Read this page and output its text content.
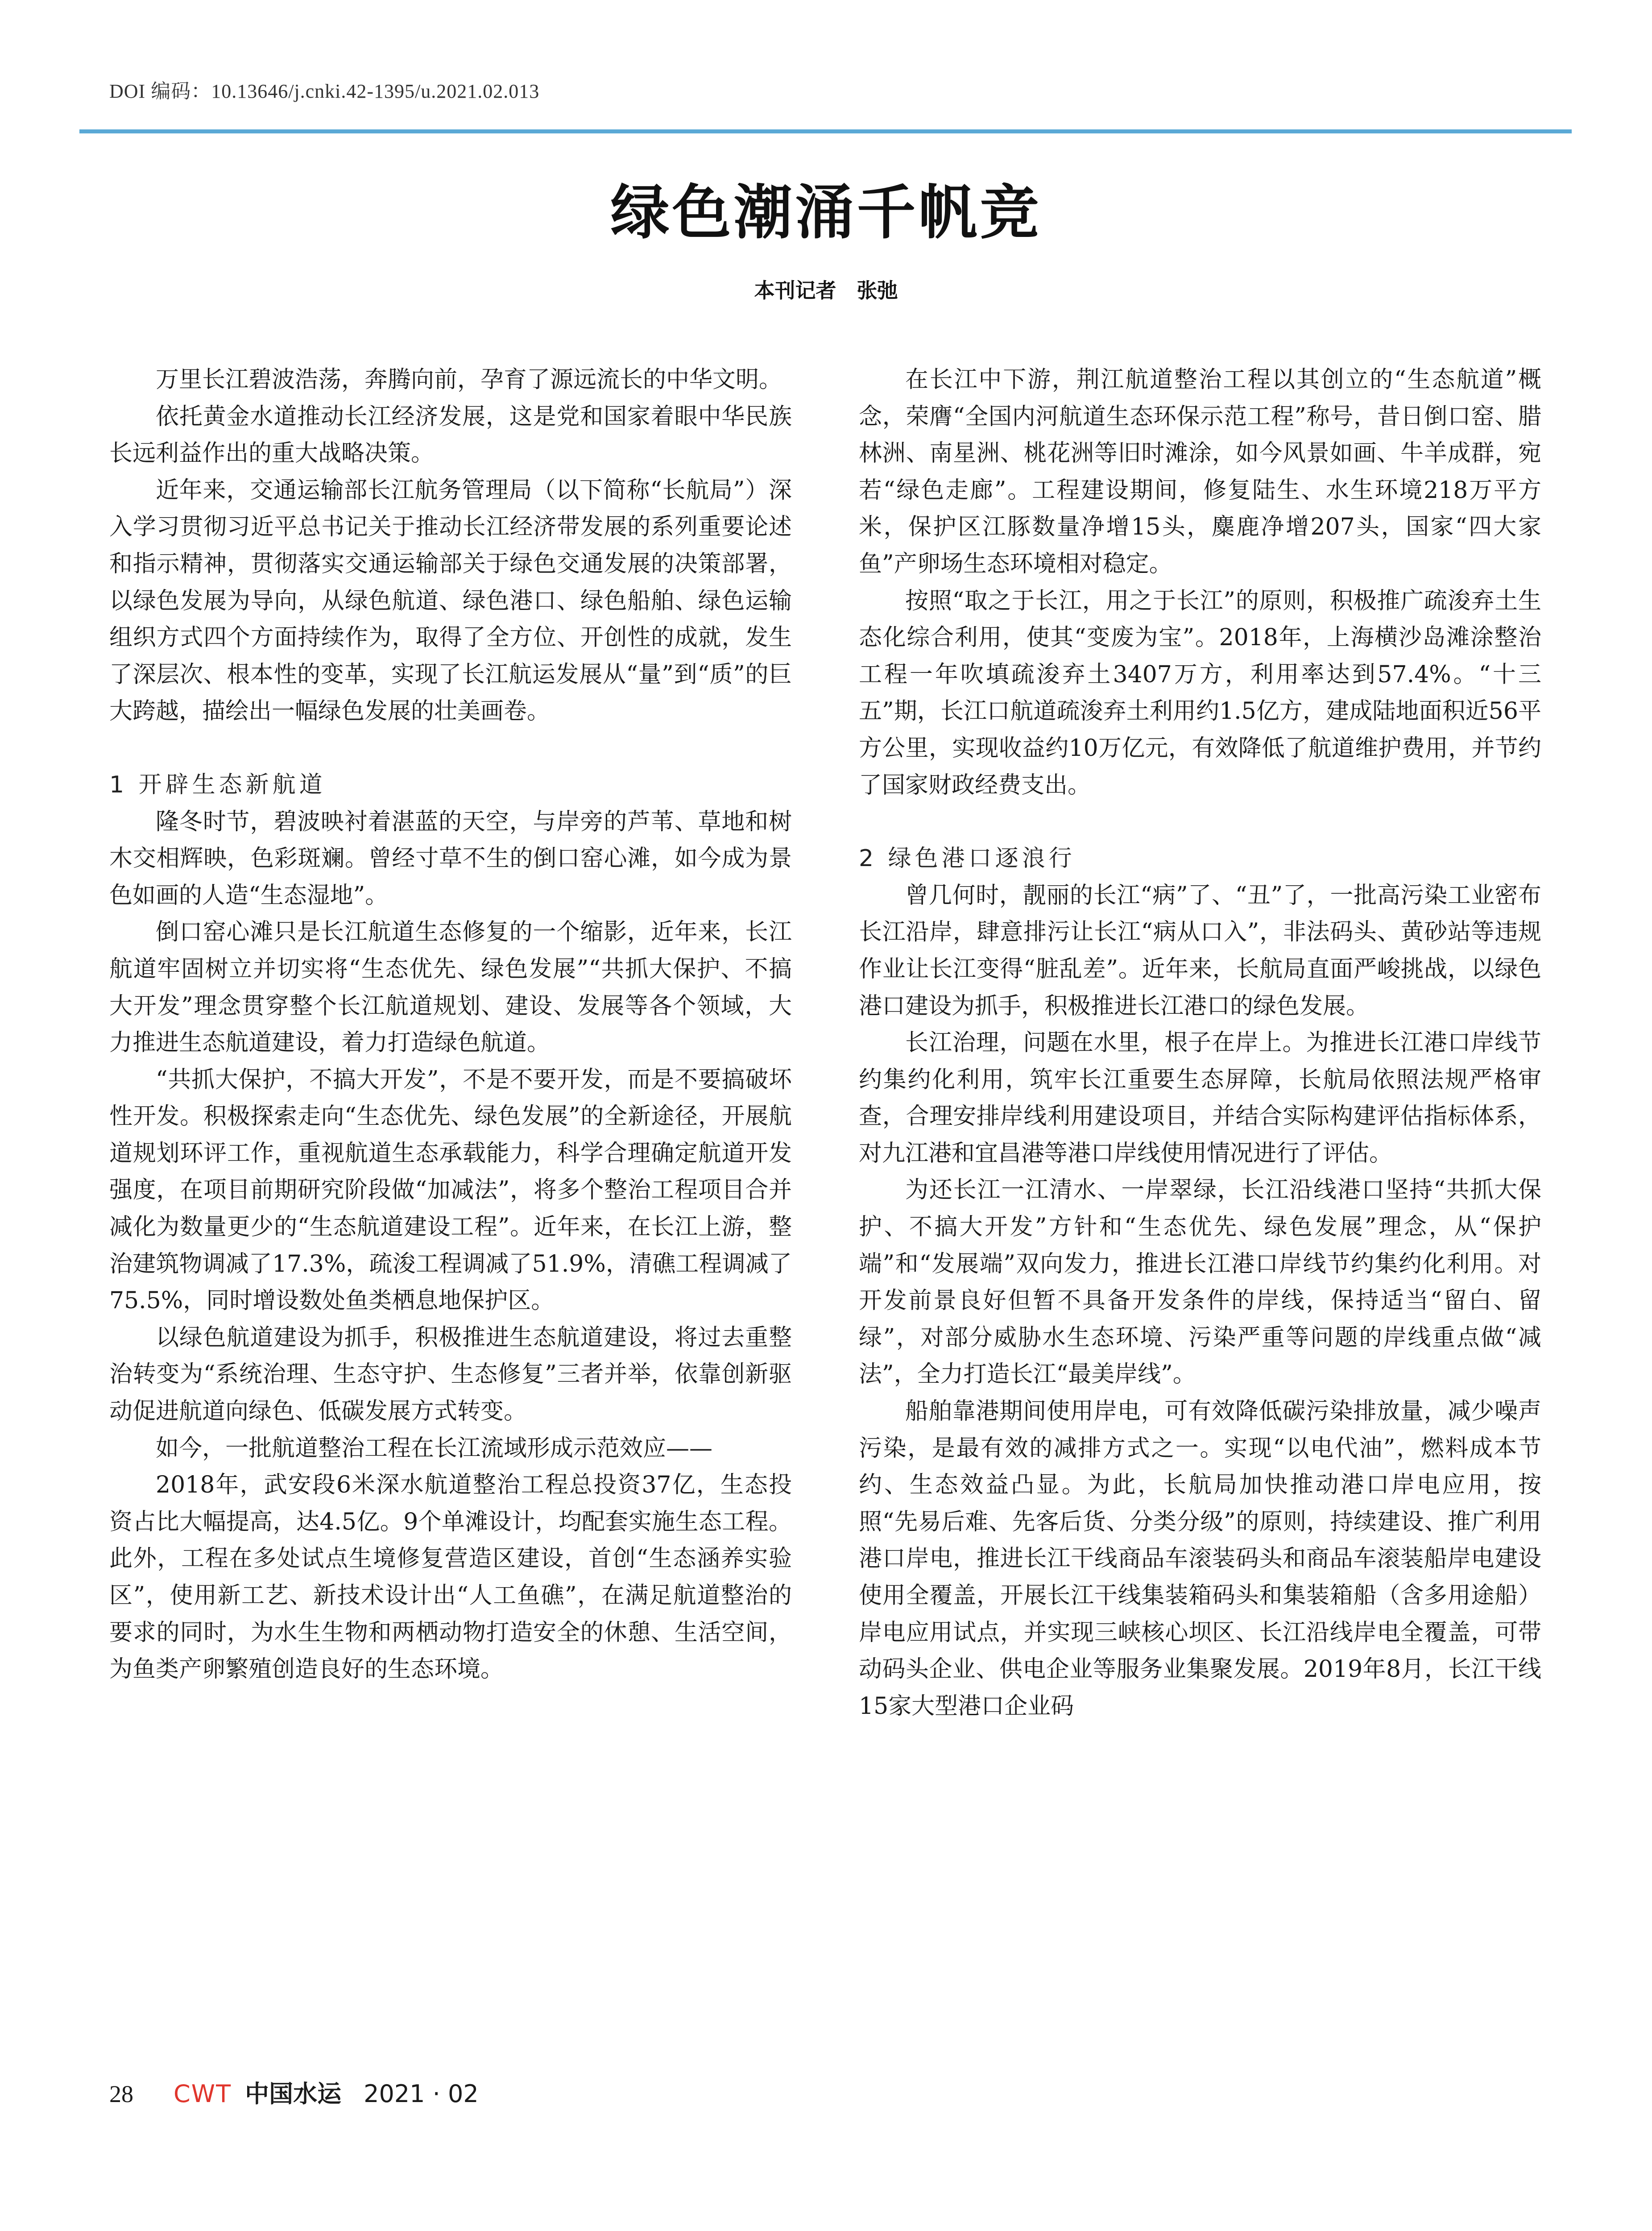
DOI 编码：10.13646/j.cnki.42-1395/u.2021.02.013
绿色潮涌千帆竞
本刊记者 张弛

万里长江碧波浩荡，奔腾向前，孕育了源远流长的中华文明。

依托黄金水道推动长江经济发展，这是党和国家着眼中华民族长远利益作出的重大战略决策。

近年来，交通运输部长江航务管理局（以下简称“长航局”）深入学习贯彻习近平总书记关于推动长江经济带发展的系列重要论述和指示精神，贯彻落实交通运输部关于绿色交通发展的决策部署，以绿色发展为导向，从绿色航道、绿色港口、绿色船舶、绿色运输组织方式四个方面持续作为，取得了全方位、开创性的成就，发生了深层次、根本性的变革，实现了长江航运发展从“量”到“质”的巨大跨越，描绘出一幅绿色发展的壮美画卷。

1 开辟生态新航道

隆冬时节，碧波映衬着湛蓝的天空，与岸旁的芦苇、草地和树木交相辉映，色彩斑斓。曾经寸草不生的倒口窑心滩，如今成为景色如画的人造“生态湿地”。

倒口窑心滩只是长江航道生态修复的一个缩影，近年来，长江航道牢固树立并切实将“生态优先、绿色发展”“共抓大保护、不搞大开发”理念贯穿整个长江航道规划、建设、发展等各个领域，大力推进生态航道建设，着力打造绿色航道。

“共抓大保护，不搞大开发”，不是不要开发，而是不要搞破坏性开发。积极探索走向“生态优先、绿色发展”的全新途径，开展航道规划环评工作，重视航道生态承载能力，科学合理确定航道开发强度，在项目前期研究阶段做“加减法”，将多个整治工程项目合并减化为数量更少的“生态航道建设工程”。近年来，在长江上游，整治建筑物调减了17.3%，疏浚工程调减了51.9%，清礁工程调减了75.5%，同时增设数处鱼类栖息地保护区。

以绿色航道建设为抓手，积极推进生态航道建设，将过去重整治转变为“系统治理、生态守护、生态修复”三者并举，依靠创新驱动促进航道向绿色、低碳发展方式转变。

如今，一批航道整治工程在长江流域形成示范效应——

2018年，武安段6米深水航道整治工程总投资37亿，生态投资占比大幅提高，达4.5亿。9个单滩设计，均配套实施生态工程。此外，工程在多处试点生境修复营造区建设，首创“生态涵养实验区”，使用新工艺、新技术设计出“人工鱼礁”，在满足航道整治的要求的同时，为水生生物和两栖动物打造安全的休憩、生活空间，为鱼类产卵繁殖创造良好的生态环境。

在长江中下游，荆江航道整治工程以其创立的“生态航道”概念，荣膺“全国内河航道生态环保示范工程”称号，昔日倒口窑、腊林洲、南星洲、桃花洲等旧时滩涂，如今风景如画、牛羊成群，宛若“绿色走廊”。工程建设期间，修复陆生、水生环境218万平方米，保护区江豚数量净增15头，麋鹿净增207头，国家“四大家鱼”产卵场生态环境相对稳定。

按照“取之于长江，用之于长江”的原则，积极推广疏浚弃土生态化综合利用，使其“变废为宝”。2018年，上海横沙岛滩涂整治工程一年吹填疏浚弃土3407万方，利用率达到57.4%。“十三五”期，长江口航道疏浚弃土利用约1.5亿方，建成陆地面积近56平方公里，实现收益约10万亿元，有效降低了航道维护费用，并节约了国家财政经费支出。

2 绿色港口逐浪行

曾几何时，靓丽的长江“病”了、“丑”了，一批高污染工业密布长江沿岸，肆意排污让长江“病从口入”，非法码头、黄砂站等违规作业让长江变得“脏乱差”。近年来，长航局直面严峻挑战，以绿色港口建设为抓手，积极推进长江港口的绿色发展。

长江治理，问题在水里，根子在岸上。为推进长江港口岸线节约集约化利用，筑牢长江重要生态屏障，长航局依照法规严格审查，合理安排岸线利用建设项目，并结合实际构建评估指标体系，对九江港和宜昌港等港口岸线使用情况进行了评估。

为还长江一江清水、一岸翠绿，长江沿线港口坚持“共抓大保护、不搞大开发”方针和“生态优先、绿色发展”理念，从“保护端”和“发展端”双向发力，推进长江港口岸线节约集约化利用。对开发前景良好但暂不具备开发条件的岸线，保持适当“留白、留绿”，对部分威胁水生态环境、污染严重等问题的岸线重点做“减法”，全力打造长江“最美岸线”。

船舶靠港期间使用岸电，可有效降低碳污染排放量，减少噪声污染，是最有效的减排方式之一。实现“以电代油”，燃料成本节约、生态效益凸显。为此，长航局加快推动港口岸电应用，按照“先易后难、先客后货、分类分级”的原则，持续建设、推广利用港口岸电，推进长江干线商品车滚装码头和商品车滚装船岸电建设使用全覆盖，开展长江干线集装箱码头和集装箱船（含多用途船）岸电应用试点，并实现三峡核心坝区、长江沿线岸电全覆盖，可带动码头企业、供电企业等服务业集聚发展。2019年8月，长江干线15家大型港口企业码

28 CWT 中国水运 2021 · 02
